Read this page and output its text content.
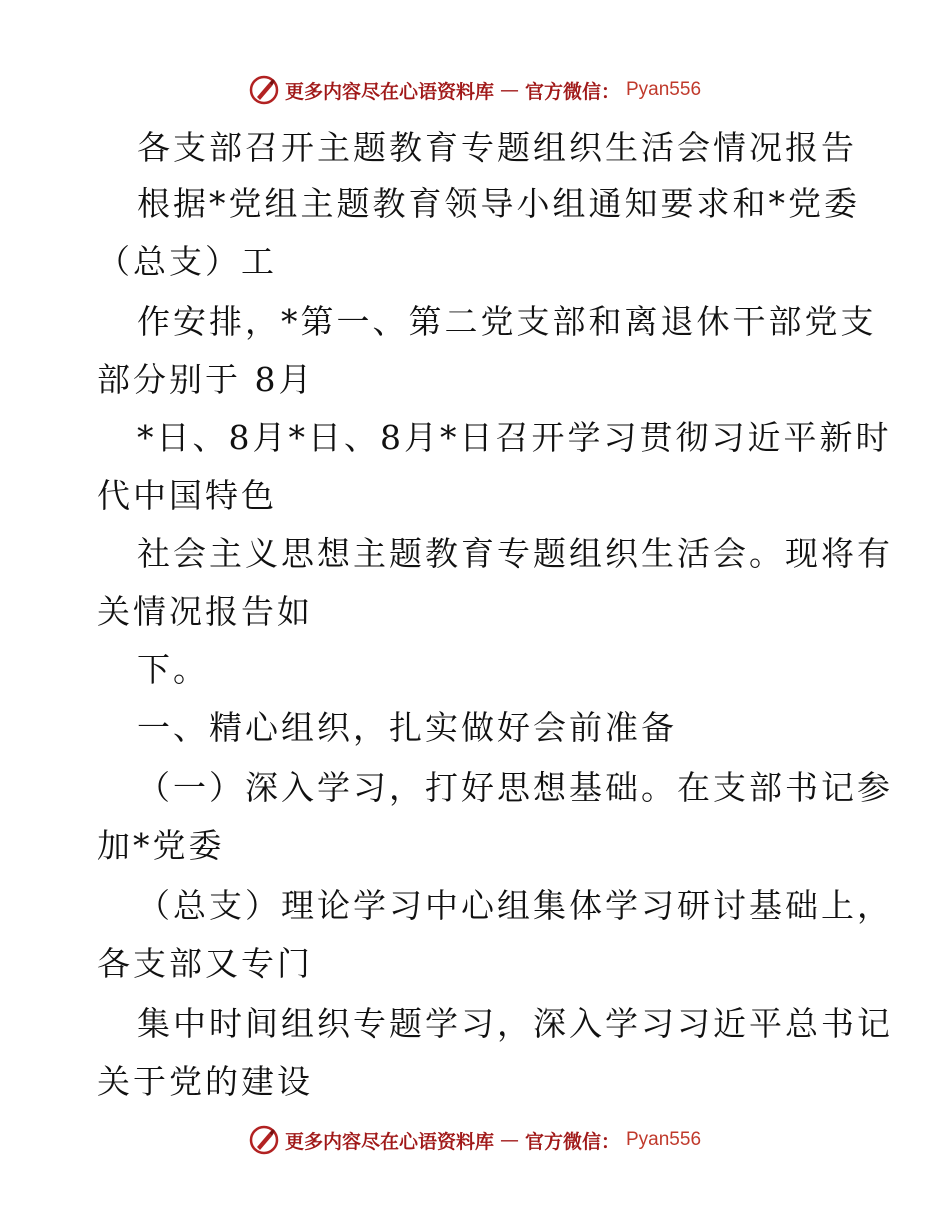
更多内容尽在心语资料库 — 官方微信： Pyan556
各支部召开主题教育专题组织生活会情况报告
根据*党组主题教育领导小组通知要求和*党委
（总支）工
作安排，*第一、第二党支部和离退休干部党支
部分别于 8月
*日、8月*日、8月*日召开学习贯彻习近平新时
代中国特色
社会主义思想主题教育专题组织生活会。现将有
关情况报告如
下。
一、精心组织，扎实做好会前准备
（一）深入学习，打好思想基础。在支部书记参
加*党委
（总支）理论学习中心组集体学习研讨基础上，
各支部又专门
集中时间组织专题学习，深入学习习近平总书记
关于党的建设
更多内容尽在心语资料库 — 官方微信： Pyan556
